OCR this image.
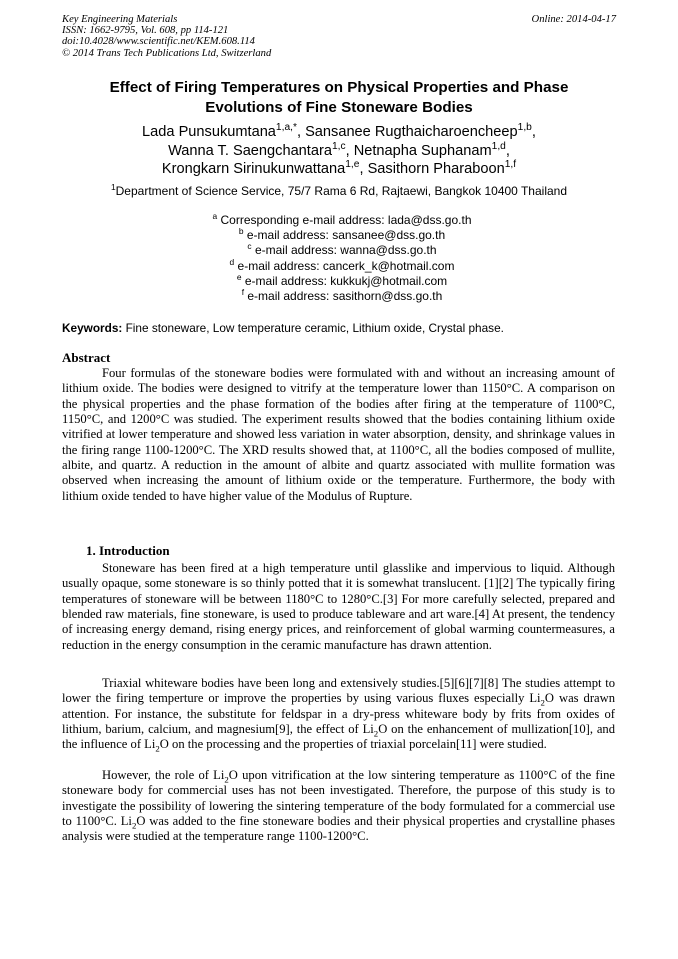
Key Engineering Materials
ISSN: 1662-9795, Vol. 608, pp 114-121
doi:10.4028/www.scientific.net/KEM.608.114
© 2014 Trans Tech Publications Ltd, Switzerland
Online: 2014-04-17
Effect of Firing Temperatures on Physical Properties and Phase
Evolutions of Fine Stoneware Bodies
Lada Punsukumtana$^{1,a,*}$, Sansanee Rugthaicharoencheep$^{1,b}$,
Wanna T. Saengchantara$^{1,c}$, Netnapha Suphanam$^{1,d}$,
Krongkarn Sirinukunwattana$^{1,e}$, Sasithorn Pharaboon$^{1,f}$
$^1$Department of Science Service, 75/7 Rama 6 Rd, Rajtaewi, Bangkok 10400 Thailand
$^a$ Corresponding e-mail address: lada@dss.go.th
$^b$ e-mail address: sansanee@dss.go.th
$^c$ e-mail address: wanna@dss.go.th
$^d$ e-mail address: cancerk_k@hotmail.com
$^e$ e-mail address: kukkukj@hotmail.com
$^f$ e-mail address: sasithorn@dss.go.th
Keywords: Fine stoneware, Low temperature ceramic, Lithium oxide, Crystal phase.
Abstract
Four formulas of the stoneware bodies were formulated with and without an increasing amount of lithium oxide. The bodies were designed to vitrify at the temperature lower than 1150°C. A comparison on the physical properties and the phase formation of the bodies after firing at the temperature of 1100°C, 1150°C, and 1200°C was studied. The experiment results showed that the bodies containing lithium oxide vitrified at lower temperature and showed less variation in water absorption, density, and shrinkage values in the firing range 1100-1200°C. The XRD results showed that, at 1100°C, all the bodies composed of mullite, albite, and quartz. A reduction in the amount of albite and quartz associated with mullite formation was observed when increasing the amount of lithium oxide or the temperature. Furthermore, the body with lithium oxide tended to have higher value of the Modulus of Rupture.
1. Introduction
Stoneware has been fired at a high temperature until glasslike and impervious to liquid. Although usually opaque, some stoneware is so thinly potted that it is somewhat translucent. [1][2] The typically firing temperatures of stoneware will be between 1180°C to 1280°C.[3] For more carefully selected, prepared and blended raw materials, fine stoneware, is used to produce tableware and art ware.[4] At present, the tendency of increasing energy demand, rising energy prices, and reinforcement of global warming countermeasures, a reduction in the energy consumption in the ceramic manufacture has drawn attention.
Triaxial whiteware bodies have been long and extensively studies.[5][6][7][8] The studies attempt to lower the firing temperture or improve the properties by using various fluxes especially $Li_2O$ was drawn attention. For instance, the substitute for feldspar in a dry-press whiteware body by frits from oxides of lithium, barium, calcium, and magnesium[9], the effect of $Li_2O$ on the enhancement of mullization[10], and the influence of $Li_2O$ on the processing and the properties of triaxial porcelain[11] were studied.
However, the role of $Li_2O$ upon vitrification at the low sintering temperature as 1100°C of the fine stoneware body for commercial uses has not been investigated. Therefore, the purpose of this study is to investigate the possibility of lowering the sintering temperature of the body formulated for a commercial use to 1100°C. $Li_2O$ was added to the fine stoneware bodies and their physical properties and crystalline phases analysis were studied at the temperature range 1100-1200°C.
